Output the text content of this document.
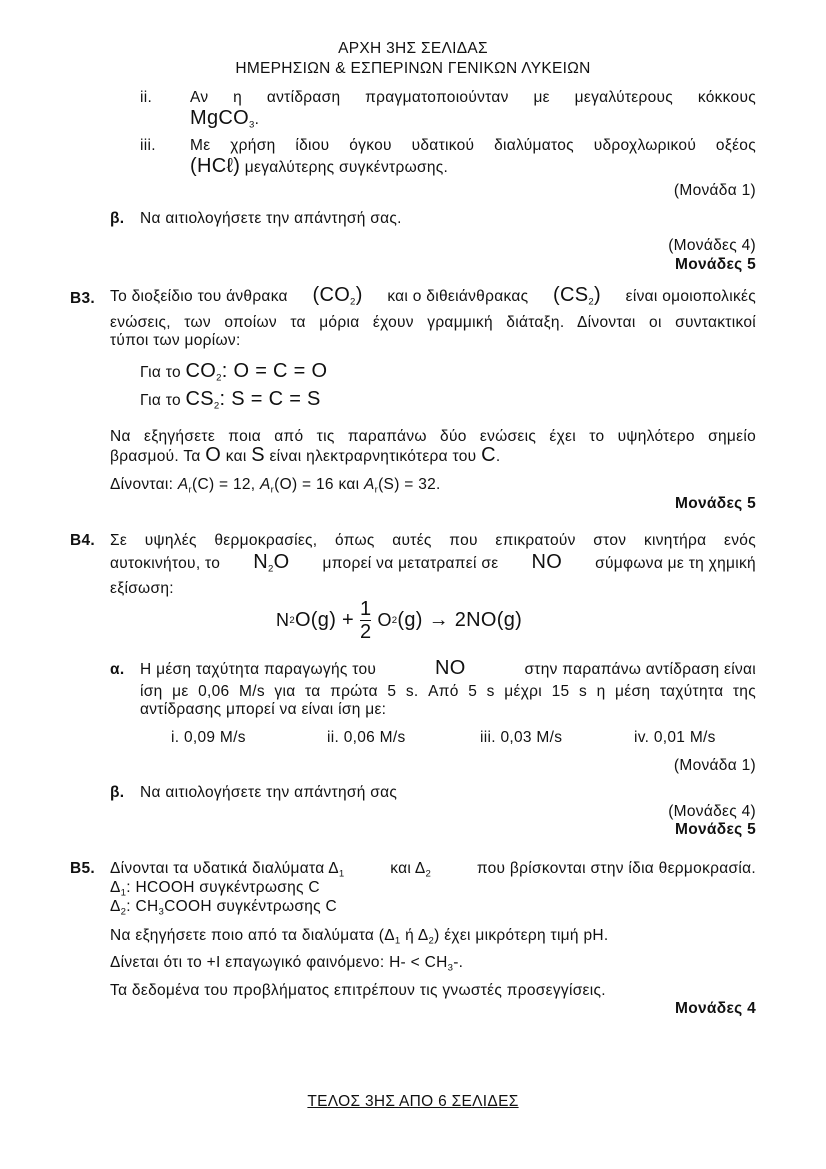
ΑΡΧΗ 3ΗΣ ΣΕΛΙΔΑΣ
ΗΜΕΡΗΣΙΩΝ & ΕΣΠΕΡΙΝΩΝ ΓΕΝΙΚΩΝ ΛΥΚΕΙΩΝ
ii. Αν η αντίδραση πραγματοποιούνταν με μεγαλύτερους κόκκους
MgCO$_3$.
iii. Με χρήση ίδιου όγκου υδατικού διαλύματος υδροχλωρικού οξέος
(HCℓ) μεγαλύτερης συγκέντρωσης.
(Μονάδα 1)
β. Να αιτιολογήσετε την απάντησή σας.
(Μονάδες 4)
Μονάδες 5
Β3. Το διοξείδιο του άνθρακα $(CO_2)$ και ο διθειάνθρακας $(CS_2)$ είναι ομοιοπολικές
ενώσεις, των οποίων τα μόρια έχουν γραμμική διάταξη. Δίνονται οι συντακτικοί
τύποι των μορίων:
Για το $CO_2$: O = C = O
Για το $CS_2$: S = C = S
Να εξηγήσετε ποια από τις παραπάνω δύο ενώσεις έχει το υψηλότερο σημείο
βρασμού. Τα O και S είναι ηλεκτραρνητικότερα του C.
Δίνονται: $A_r(C) = 12$, $A_r(O) = 16$ και $A_r(S) = 32$.
Μονάδες 5
Β4. Σε υψηλές θερμοκρασίες, όπως αυτές που επικρατούν στον κινητήρα ενός
αυτοκινήτου, το $N_2O$ μπορεί να μετατραπεί σε NO σύμφωνα με τη χημική
εξίσωση:
N 2 $O(g) + \frac{1}{2}$ O 2 (g) → 2NO(g)
α. Η μέση ταχύτητα παραγωγής του	NO	στην παραπάνω αντίδραση είναι
ίση με 0,06 M/s για τα πρώτα 5 s. Από 5 s μέχρι 15 s η μέση ταχύτητα της
αντίδρασης μπορεί να είναι ίση με:
i. 0,09 M/s	ii. 0,06 M/s	iii. 0,03 M/s	iv. 0,01 M/s
(Μονάδα 1)
β. Να αιτιολογήσετε την απάντησή σας
(Μονάδες 4)
Μονάδες 5
Β5. Δίνονται τα υδατικά διαλύματα $\Delta_1$	και $\Delta_2$	που βρίσκονται στην ίδια θερμοκρασία.
$\Delta_1$: HCOOH συγκέντρωσης C
$\Delta_2$: $CH_3COOH$ συγκέντρωσης C
Να εξηγήσετε ποιο από τα διαλύματα ($\Delta_1$ ή $\Delta_2$) έχει μικρότερη τιμή pH.
Δίνεται ότι το +I επαγωγικό φαινόμενο: $H- < CH_3-$.
Τα δεδομένα του προβλήματος επιτρέπουν τις γνωστές προσεγγίσεις.
Μονάδες 4
ΤΕΛΟΣ 3ΗΣ ΑΠΟ 6 ΣΕΛΙΔΕΣ
